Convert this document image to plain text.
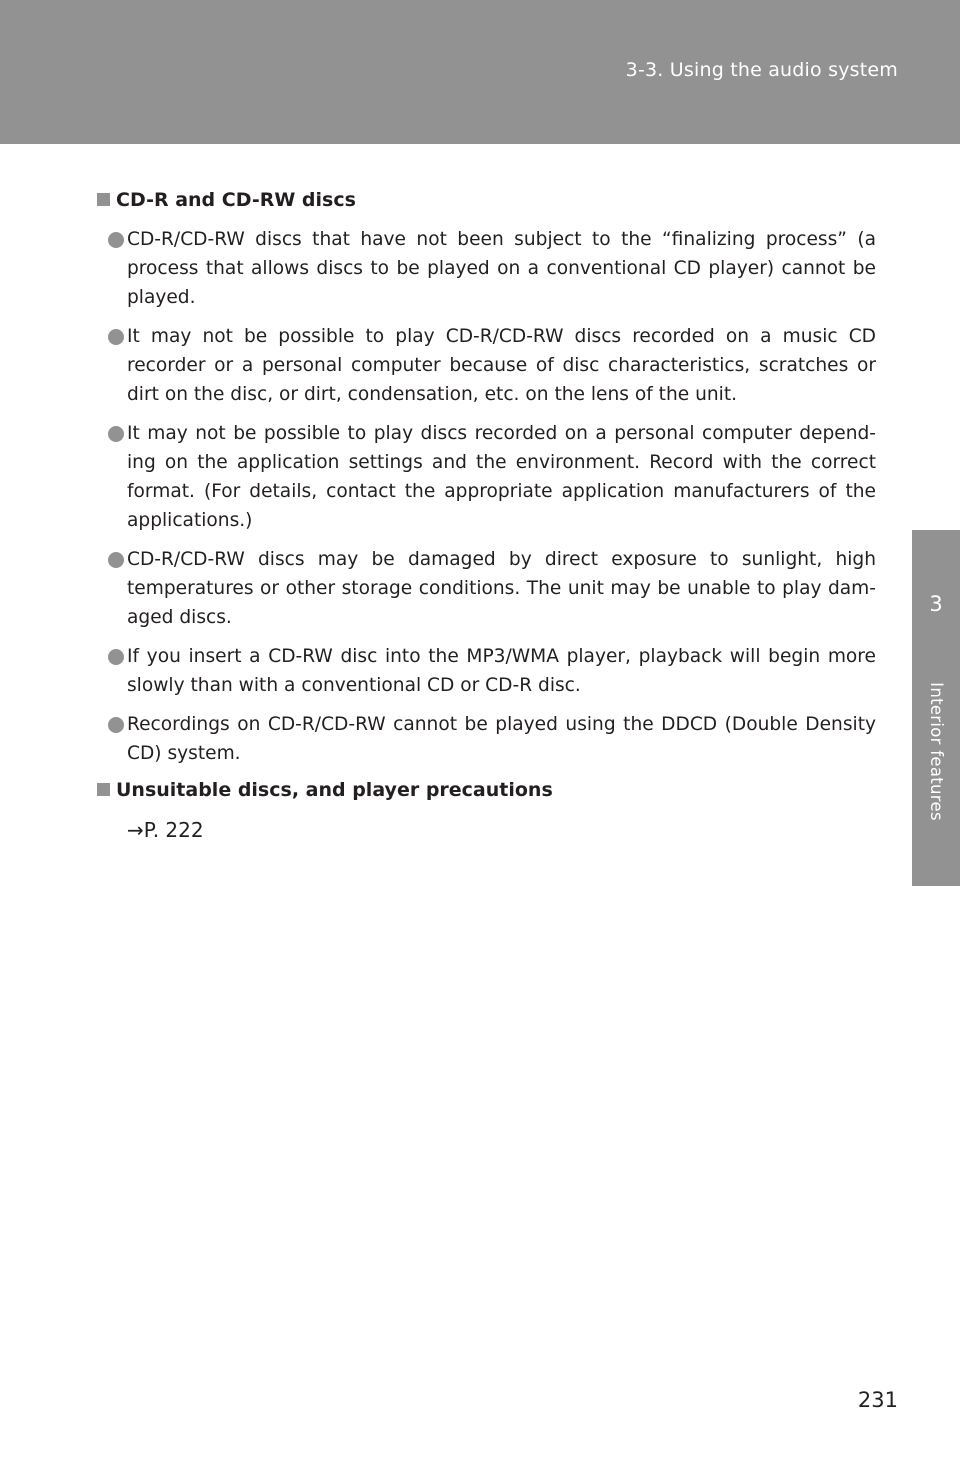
3-3. Using the audio system
3
Interior features
CD-R and CD-RW discs
CD-R/CD-RW discs that have not been subject to the “finalizing process” (a process that allows discs to be played on a conventional CD player) cannot be played.
It may not be possible to play CD-R/CD-RW discs recorded on a music CD recorder or a personal computer because of disc characteristics, scratches or dirt on the disc, or dirt, condensation, etc. on the lens of the unit.
It may not be possible to play discs recorded on a personal computer depend-ing on the application settings and the environment. Record with the correct format. (For details, contact the appropriate application manufacturers of the applications.)
CD-R/CD-RW discs may be damaged by direct exposure to sunlight, high temperatures or other storage conditions. The unit may be unable to play dam-aged discs.
If you insert a CD-RW disc into the MP3/WMA player, playback will begin more slowly than with a conventional CD or CD-R disc.
Recordings on CD-R/CD-RW cannot be played using the DDCD (Double Density CD) system.
Unsuitable discs, and player precautions
→P. 222
231
